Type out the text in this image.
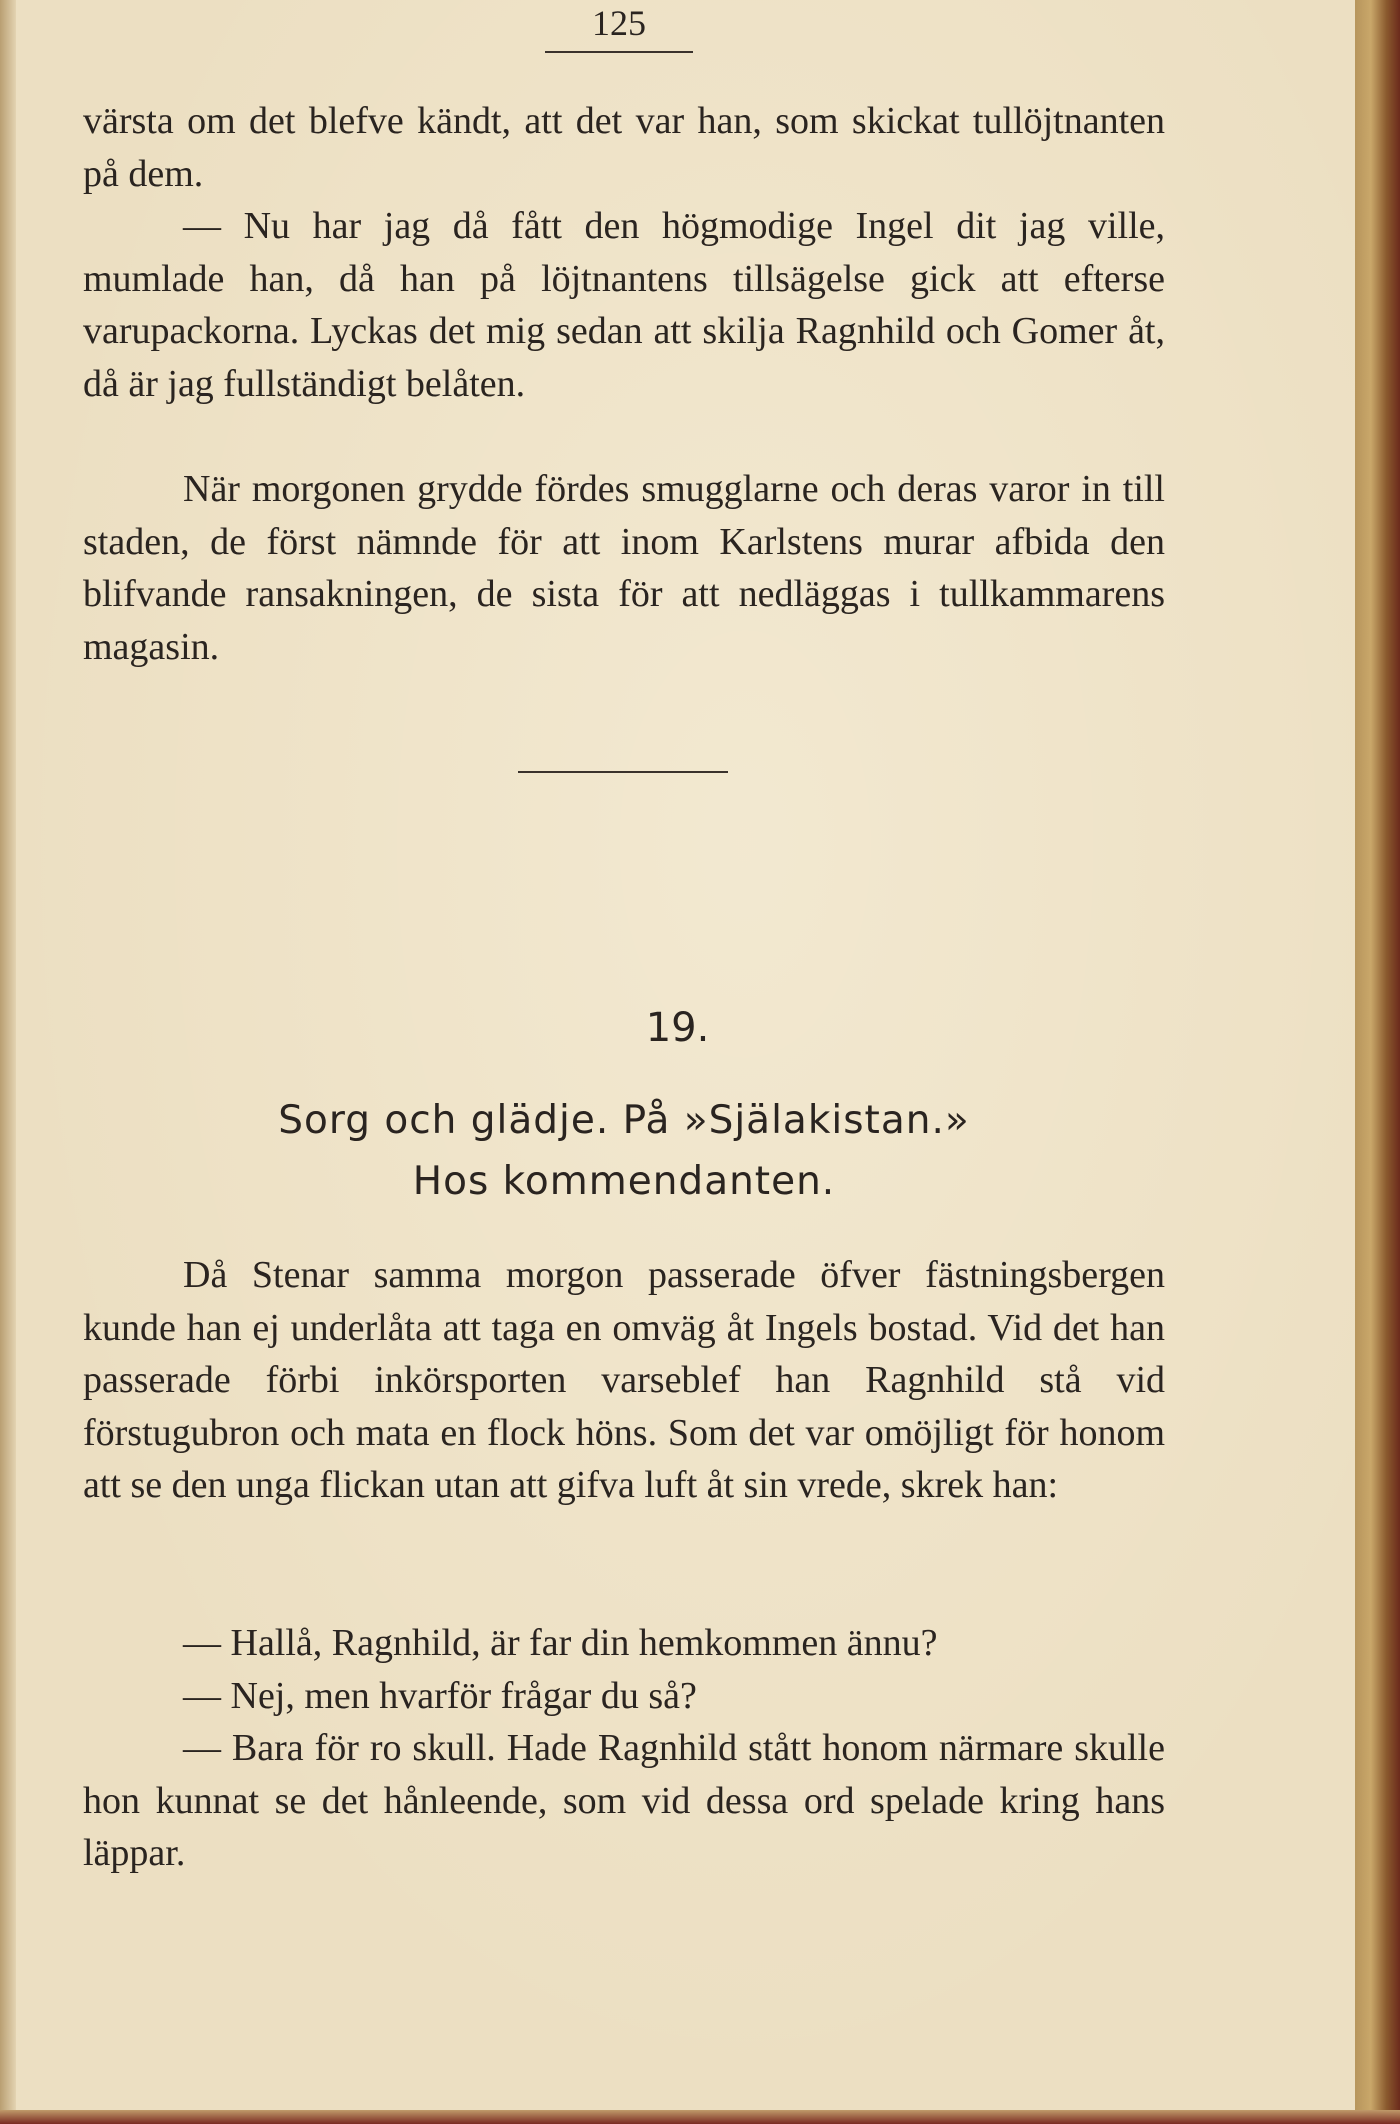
125

värsta om det blefve kändt, att det var han, som skickat tullöjtnanten på dem.

— Nu har jag då fått den högmodige Ingel dit jag ville, mumlade han, då han på löjtnantens tillsägelse gick att efterse varupackorna. Lyckas det mig sedan att skilja Ragnhild och Gomer åt, då är jag fullständigt belåten.

När morgonen grydde fördes smugglarne och deras varor in till staden, de först nämnde för att inom Karlstens murar afbida den blifvande ransakningen, de sista för att nedläggas i tullkammarens magasin.

19.
Sorg och glädje. På »Själakistan.»
Hos kommendanten.

Då Stenar samma morgon passerade öfver fästningsbergen kunde han ej underlåta att taga en omväg åt Ingels bostad. Vid det han passerade förbi inkörsporten varseblef han Ragnhild stå vid förstugubron och mata en flock höns. Som det var omöjligt för honom att se den unga flickan utan att gifva luft åt sin vrede, skrek han:

— Hallå, Ragnhild, är far din hemkommen ännu?

— Nej, men hvarför frågar du så?

— Bara för ro skull. Hade Ragnhild stått honom närmare skulle hon kunnat se det hånleende, som vid dessa ord spelade kring hans läppar.
